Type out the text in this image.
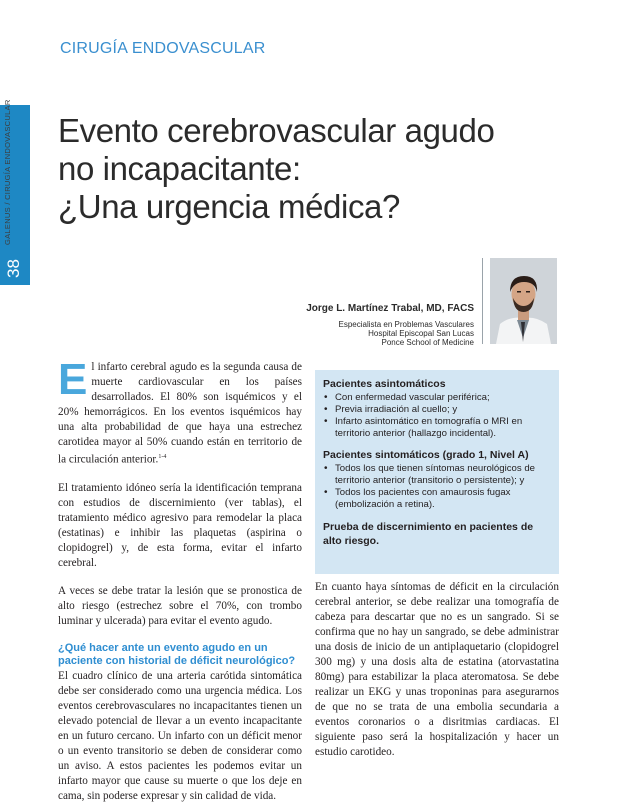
GALENUS / CIRUGÍA ENDOVASCULAR
38
CIRUGÍA ENDOVASCULAR
Evento cerebrovascular agudo
no incapacitante:
¿Una urgencia médica?
Jorge L. Martínez Trabal, MD, FACS
Especialista en Problemas Vasculares
Hospital Episcopal San Lucas
Ponce School of Medicine

El infarto cerebral agudo es la segunda causa de muerte cardiovascular en los países desarrollados. El 80% son isquémicos y el 20% hemorrágicos. En los eventos isquémicos hay una alta probabilidad de que haya una estrechez carotidea mayor al 50% cuando están en territorio de la circulación anterior.$^{1-4}$

El tratamiento idóneo sería la identificación temprana con estudios de discernimiento (ver tablas), el tratamiento médico agresivo para remodelar la placa (estatinas) e inhibir las plaquetas (aspirina o clopidogrel) y, de esta forma, evitar el infarto cerebral.

A veces se debe tratar la lesión que se pronostica de alto riesgo (estrechez sobre el 70%, con trombo luminar y ulcerada) para evitar el evento agudo.

¿Qué hacer ante un evento agudo en un paciente con historial de déficit neurológico?

El cuadro clínico de una arteria carótida sintomática debe ser considerado como una urgencia médica. Los eventos cerebrovasculares no incapacitantes tienen un elevado potencial de llevar a un evento incapacitante en un futuro cercano. Un infarto con un déficit menor o un evento transitorio se deben de considerar como un aviso. A estos pacientes les podemos evitar un infarto mayor que cause su muerte o que los deje en cama, sin poderse expresar y sin calidad de vida.

Pacientes asintomáticos
• Con enfermedad vascular periférica;
• Previa irradiación al cuello; y
• Infarto asintomático en tomografía o MRI en territorio anterior (hallazgo incidental).
Pacientes sintomáticos (grado 1, Nivel A)
• Todos los que tienen síntomas neurológicos de territorio anterior (transitorio o persistente); y
• Todos los pacientes con amaurosis fugax (embolización a retina).
Prueba de discernimiento en pacientes de alto riesgo.

En cuanto haya síntomas de déficit en la circulación cerebral anterior, se debe realizar una tomografía de cabeza para descartar que no es un sangrado. Si se confirma que no hay un sangrado, se debe administrar una dosis de inicio de un antiplaquetario (clopidogrel 300 mg) y una dosis alta de estatina (atorvastatina 80mg) para estabilizar la placa ateromatosa. Se debe realizar un EKG y unas troponinas para asegurarnos de que no se trata de una embolia secundaria a eventos coronarios o a disritmias cardiacas. El siguiente paso será la hospitalización y hacer un estudio carotideo.
